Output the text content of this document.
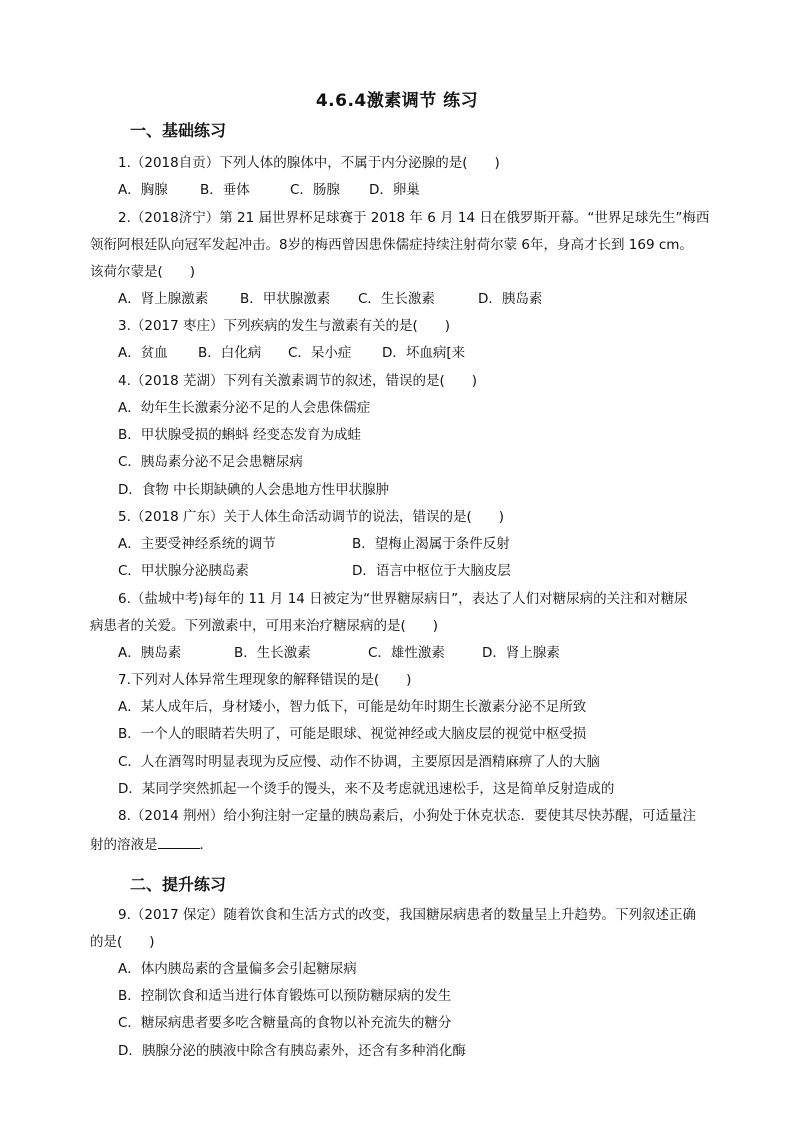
4.6.4激素调节 练习
一、基础练习
1.（2018自贡）下列人体的腺体中，不属于内分泌腺的是(　　)
A．胸腺 B．垂体	C．肠腺 D．卵巢
2.（2018济宁）第 21 届世界杯足球赛于 2018 年 6 月 14 日在俄罗斯开幕。“世界足球先生”梅西
领衔阿根廷队向冠军发起冲击。8岁的梅西曾因患侏儒症持续注射荷尔蒙 6年，身高才长到 169 cm。
该荷尔蒙是(　　)
A．肾上腺激素 B．甲状腺激素 C．生长激素	D．胰岛素
3.（2017 枣庄）下列疾病的发生与激素有关的是(　　)
A．贫血 B．白化病 C．呆小症 D．坏血病[来
4.（2018 芜湖）下列有关激素调节的叙述，错误的是(　　)
A．幼年生长激素分泌不足的人会患侏儒症
B．甲状腺受损的蝌蚪 经变态发育为成蛙
C．胰岛素分泌不足会患糖尿病
D．食物 中长期缺碘的人会患地方性甲状腺肿
5.（2018 广东）关于人体生命活动调节的说法，错误的是(　　)
A．主要受神经系统的调节	B．望梅止渴属于条件反射
C．甲状腺分泌胰岛素	D．语言中枢位于大脑皮层
6.（盐城中考)每年的 11 月 14 日被定为“世界糖尿病日”，表达了人们对糖尿病的关注和对糖尿
病患者的关爱。下列激素中，可用来治疗糖尿病的是(　　)
A．胰岛素	B．生长激素	C．雄性激素	D．肾上腺素
7.下列对人体异常生理现象的解释错误的是(　　)
A．某人成年后，身材矮小，智力低下，可能是幼年时期生长激素分泌不足所致
B．一个人的眼睛若失明了，可能是眼球、视觉神经或大脑皮层的视觉中枢受损
C．人在酒驾时明显表现为反应慢、动作不协调，主要原因是酒精麻痹了人的大脑
D．某同学突然抓起一个烫手的馒头，来不及考虑就迅速松手，这是简单反射造成的
8.（2014 荆州）给小狗注射一定量的胰岛素后，小狗处于休克状态．要使其尽快苏醒，可适量注
射的溶液是	．
二、提升练习
9.（2017 保定）随着饮食和生活方式的改变，我国糖尿病患者的数量呈上升趋势。下列叙述正确
的是(　　)
A．体内胰岛素的含量偏多会引起糖尿病
B．控制饮食和适当进行体育锻炼可以预防糖尿病的发生
C．糖尿病患者要多吃含糖量高的食物以补充流失的糖分
D．胰腺分泌的胰液中除含有胰岛素外，还含有多种消化酶
